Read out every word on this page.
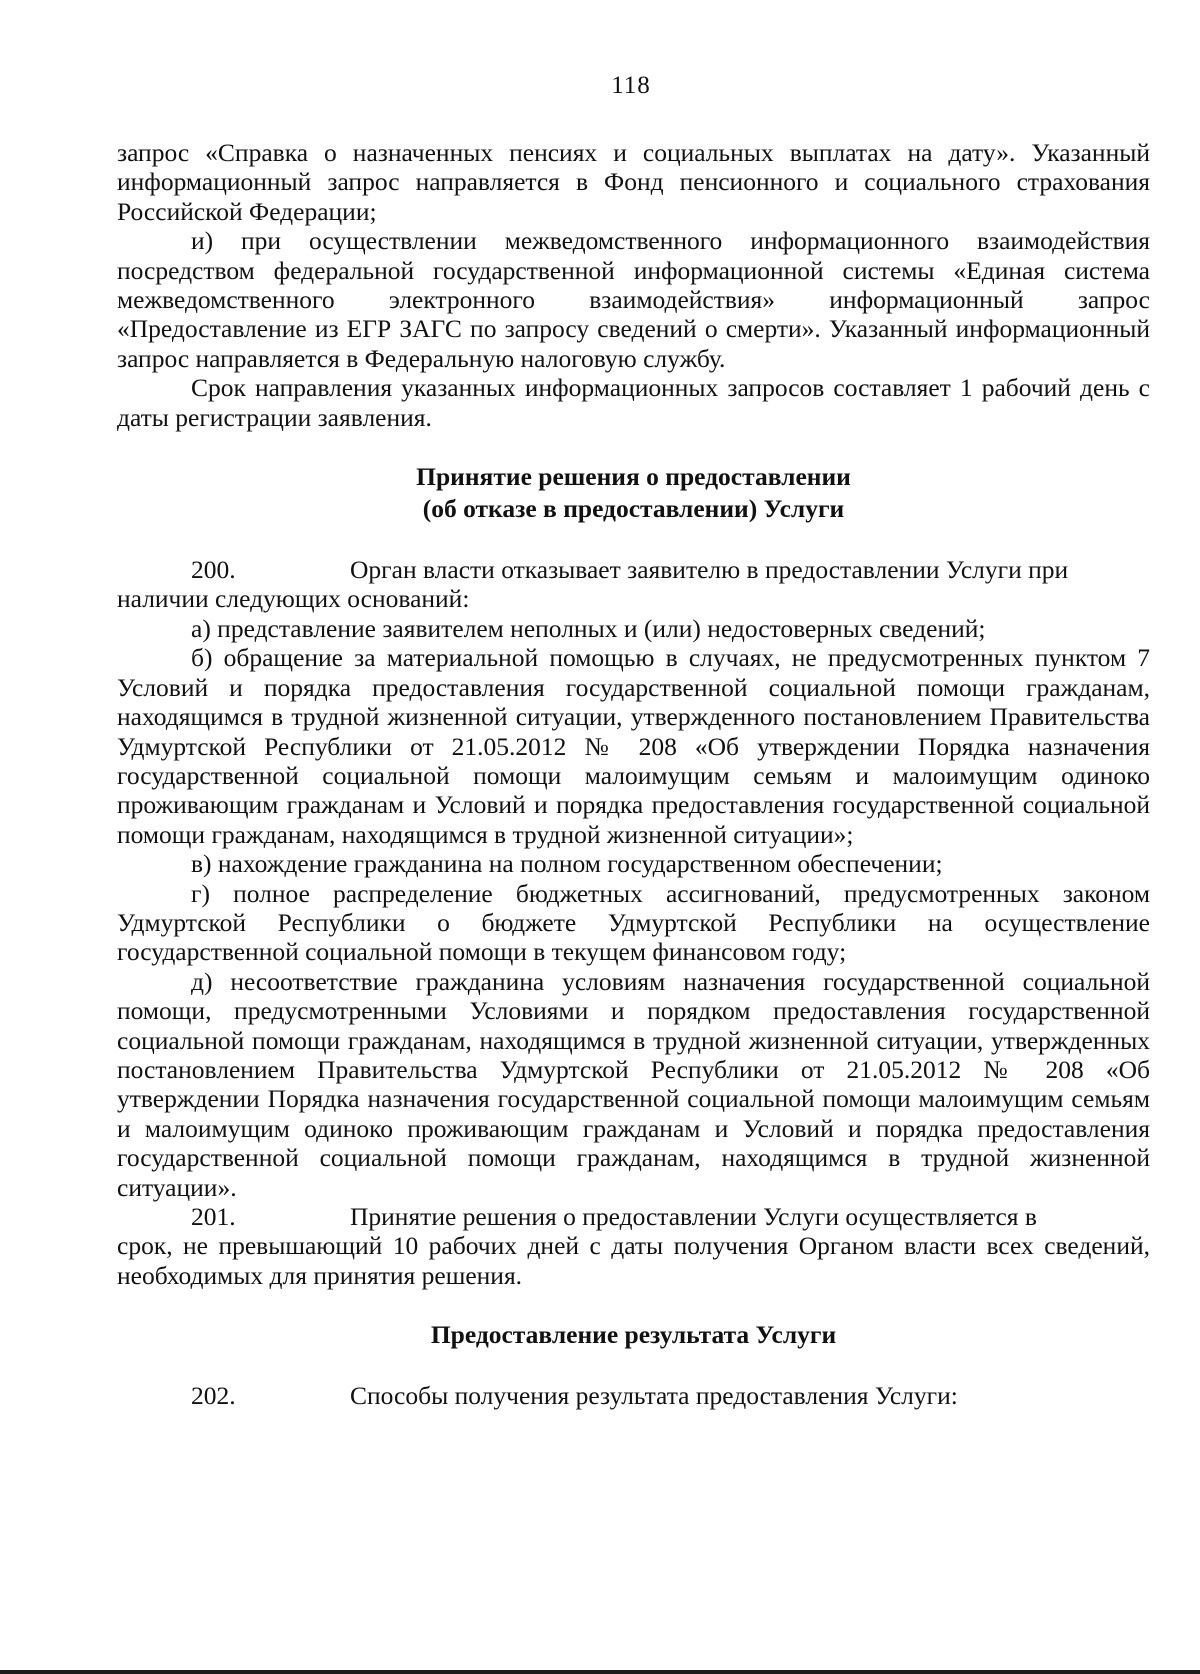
118

запрос «Справка о назначенных пенсиях и социальных выплатах на дату». Указанный информационный запрос направляется в Фонд пенсионного и социального страхования Российской Федерации;

и) при осуществлении межведомственного информационного взаимодействия посредством федеральной государственной информационной системы «Единая система межведомственного электронного взаимодействия» информационный запрос «Предоставление из ЕГР ЗАГС по запросу сведений о смерти». Указанный информационный запрос направляется в Федеральную налоговую службу.

Срок направления указанных информационных запросов составляет 1 рабочий день с даты регистрации заявления.

Принятие решения о предоставлении

(об отказе в предоставлении) Услуги

200.	Орган власти отказывает заявителю в предоставлении Услуги при

наличии следующих оснований:

а) представление заявителем неполных и (или) недостоверных сведений;

б) обращение за материальной помощью в случаях, не предусмотренных пунктом 7 Условий и порядка предоставления государственной социальной помощи гражданам, находящимся в трудной жизненной ситуации, утвержденного постановлением Правительства Удмуртской Республики от 21.05.2012 № 208 «Об утверждении Порядка назначения государственной социальной помощи малоимущим семьям и малоимущим одиноко проживающим гражданам и Условий и порядка предоставления государственной социальной помощи гражданам, находящимся в трудной жизненной ситуации»;

в) нахождение гражданина на полном государственном обеспечении;

г) полное распределение бюджетных ассигнований, предусмотренных законом Удмуртской Республики о бюджете Удмуртской Республики на осуществление государственной социальной помощи в текущем финансовом году;

д) несоответствие гражданина условиям назначения государственной социальной помощи, предусмотренными Условиями и порядком предоставления государственной социальной помощи гражданам, находящимся в трудной жизненной ситуации, утвержденных постановлением Правительства Удмуртской Республики от 21.05.2012 № 208 «Об утверждении Порядка назначения государственной социальной помощи малоимущим семьям и малоимущим одиноко проживающим гражданам и Условий и порядка предоставления государственной социальной помощи гражданам, находящимся в трудной жизненной ситуации».

201.	Принятие решения о предоставлении Услуги осуществляется в

срок, не превышающий 10 рабочих дней с даты получения Органом власти всех сведений, необходимых для принятия решения.

Предоставление результата Услуги

202.	Способы получения результата предоставления Услуги:
